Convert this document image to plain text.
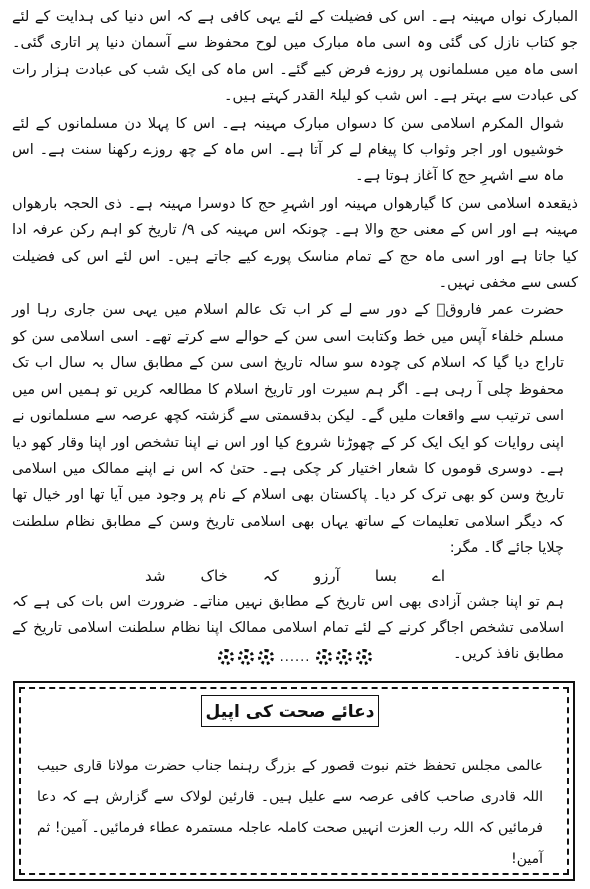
المبارک نواں مہینہ ہے۔ اس کی فضیلت کے لئے یہی کافی ہے کہ اس دنیا کی ہدایت کے لئے جو کتاب نازل کی گئی وہ اسی ماہ مبارک میں لوح محفوظ سے آسمان دنیا پر اتاری گئی۔ اسی ماہ میں مسلمانوں پر روزے فرض کیے گئے۔ اس ماہ کی ایک شب کی عبادت ہزار رات کی عبادت سے بہتر ہے۔ اس شب کو لیلۃ القدر کہتے ہیں۔

شوال المکرم اسلامی سن کا دسواں مبارک مہینہ ہے۔ اس کا پہلا دن مسلمانوں کے لئے خوشیوں اور اجر وثواب کا پیغام لے کر آتا ہے۔ اس ماہ کے چھ روزے رکھنا سنت ہے۔ اس ماہ سے اشہرِ حج کا آغاز ہوتا ہے۔

ذیقعدہ اسلامی سن کا گیارھواں مہینہ اور اشہرِ حج کا دوسرا مہینہ ہے۔ ذی الحجہ بارھواں مہینہ ہے اور اس کے معنی حج والا ہے۔ چونکہ اس مہینہ کی ۹/ تاریخ کو اہم رکن عرفہ ادا کیا جاتا ہے اور اسی ماہ حج کے تمام مناسک پورے کیے جاتے ہیں۔ اس لئے اس کی فضیلت کسی سے مخفی نہیں۔

حضرت عمر فاروقؓ کے دور سے لے کر اب تک عالم اسلام میں یہی سن جاری رہا اور مسلم خلفاء آپس میں خط وکتابت اسی سن کے حوالے سے کرتے تھے۔ اسی اسلامی سن کو تاراج دیا گیا کہ اسلام کی چودہ سو سالہ تاریخ اسی سن کے مطابق سال بہ سال اب تک محفوظ چلی آ رہی ہے۔ اگر ہم سیرت اور تاریخ اسلام کا مطالعہ کریں تو ہمیں اس میں اسی ترتیب سے واقعات ملیں گے۔ لیکن بدقسمتی سے گزشتہ کچھ عرصہ سے مسلمانوں نے اپنی روایات کو ایک ایک کر کے چھوڑنا شروع کیا اور اس نے اپنا تشخص اور اپنا وقار کھو دیا ہے۔ دوسری قوموں کا شعار اختیار کر چکی ہے۔ حتیٰ کہ اس نے اپنے ممالک میں اسلامی تاریخ وسن کو بھی ترک کر دیا۔ پاکستان بھی اسلام کے نام پر وجود میں آیا تھا اور خیال تھا کہ دیگر اسلامی تعلیمات کے ساتھ یہاں بھی اسلامی تاریخ وسن کے مطابق نظام سلطنت چلایا جائے گا۔ مگر:

اے
بسا
آرزو
کہ
خاک
شد

ہم تو اپنا جشن آزادی بھی اس تاریخ کے مطابق نہیں مناتے۔ ضرورت اس بات کی ہے کہ اسلامی تشخص اجاگر کرنے کے لئے تمام اسلامی ممالک اپنا نظام سلطنت اسلامی تاریخ کے مطابق نافذ کریں۔

......
دعائے صحت کی اپیل
عالمی مجلس تحفظ ختم نبوت قصور کے بزرگ رہنما جناب حضرت مولانا قاری حبیب اللہ قادری صاحب کافی عرصہ سے علیل ہیں۔ قارئین لولاک سے گزارش ہے کہ دعا فرمائیں کہ اللہ رب العزت انہیں صحت کاملہ عاجلہ مستمرہ عطاء فرمائیں۔ آمین! ثم آمین!
